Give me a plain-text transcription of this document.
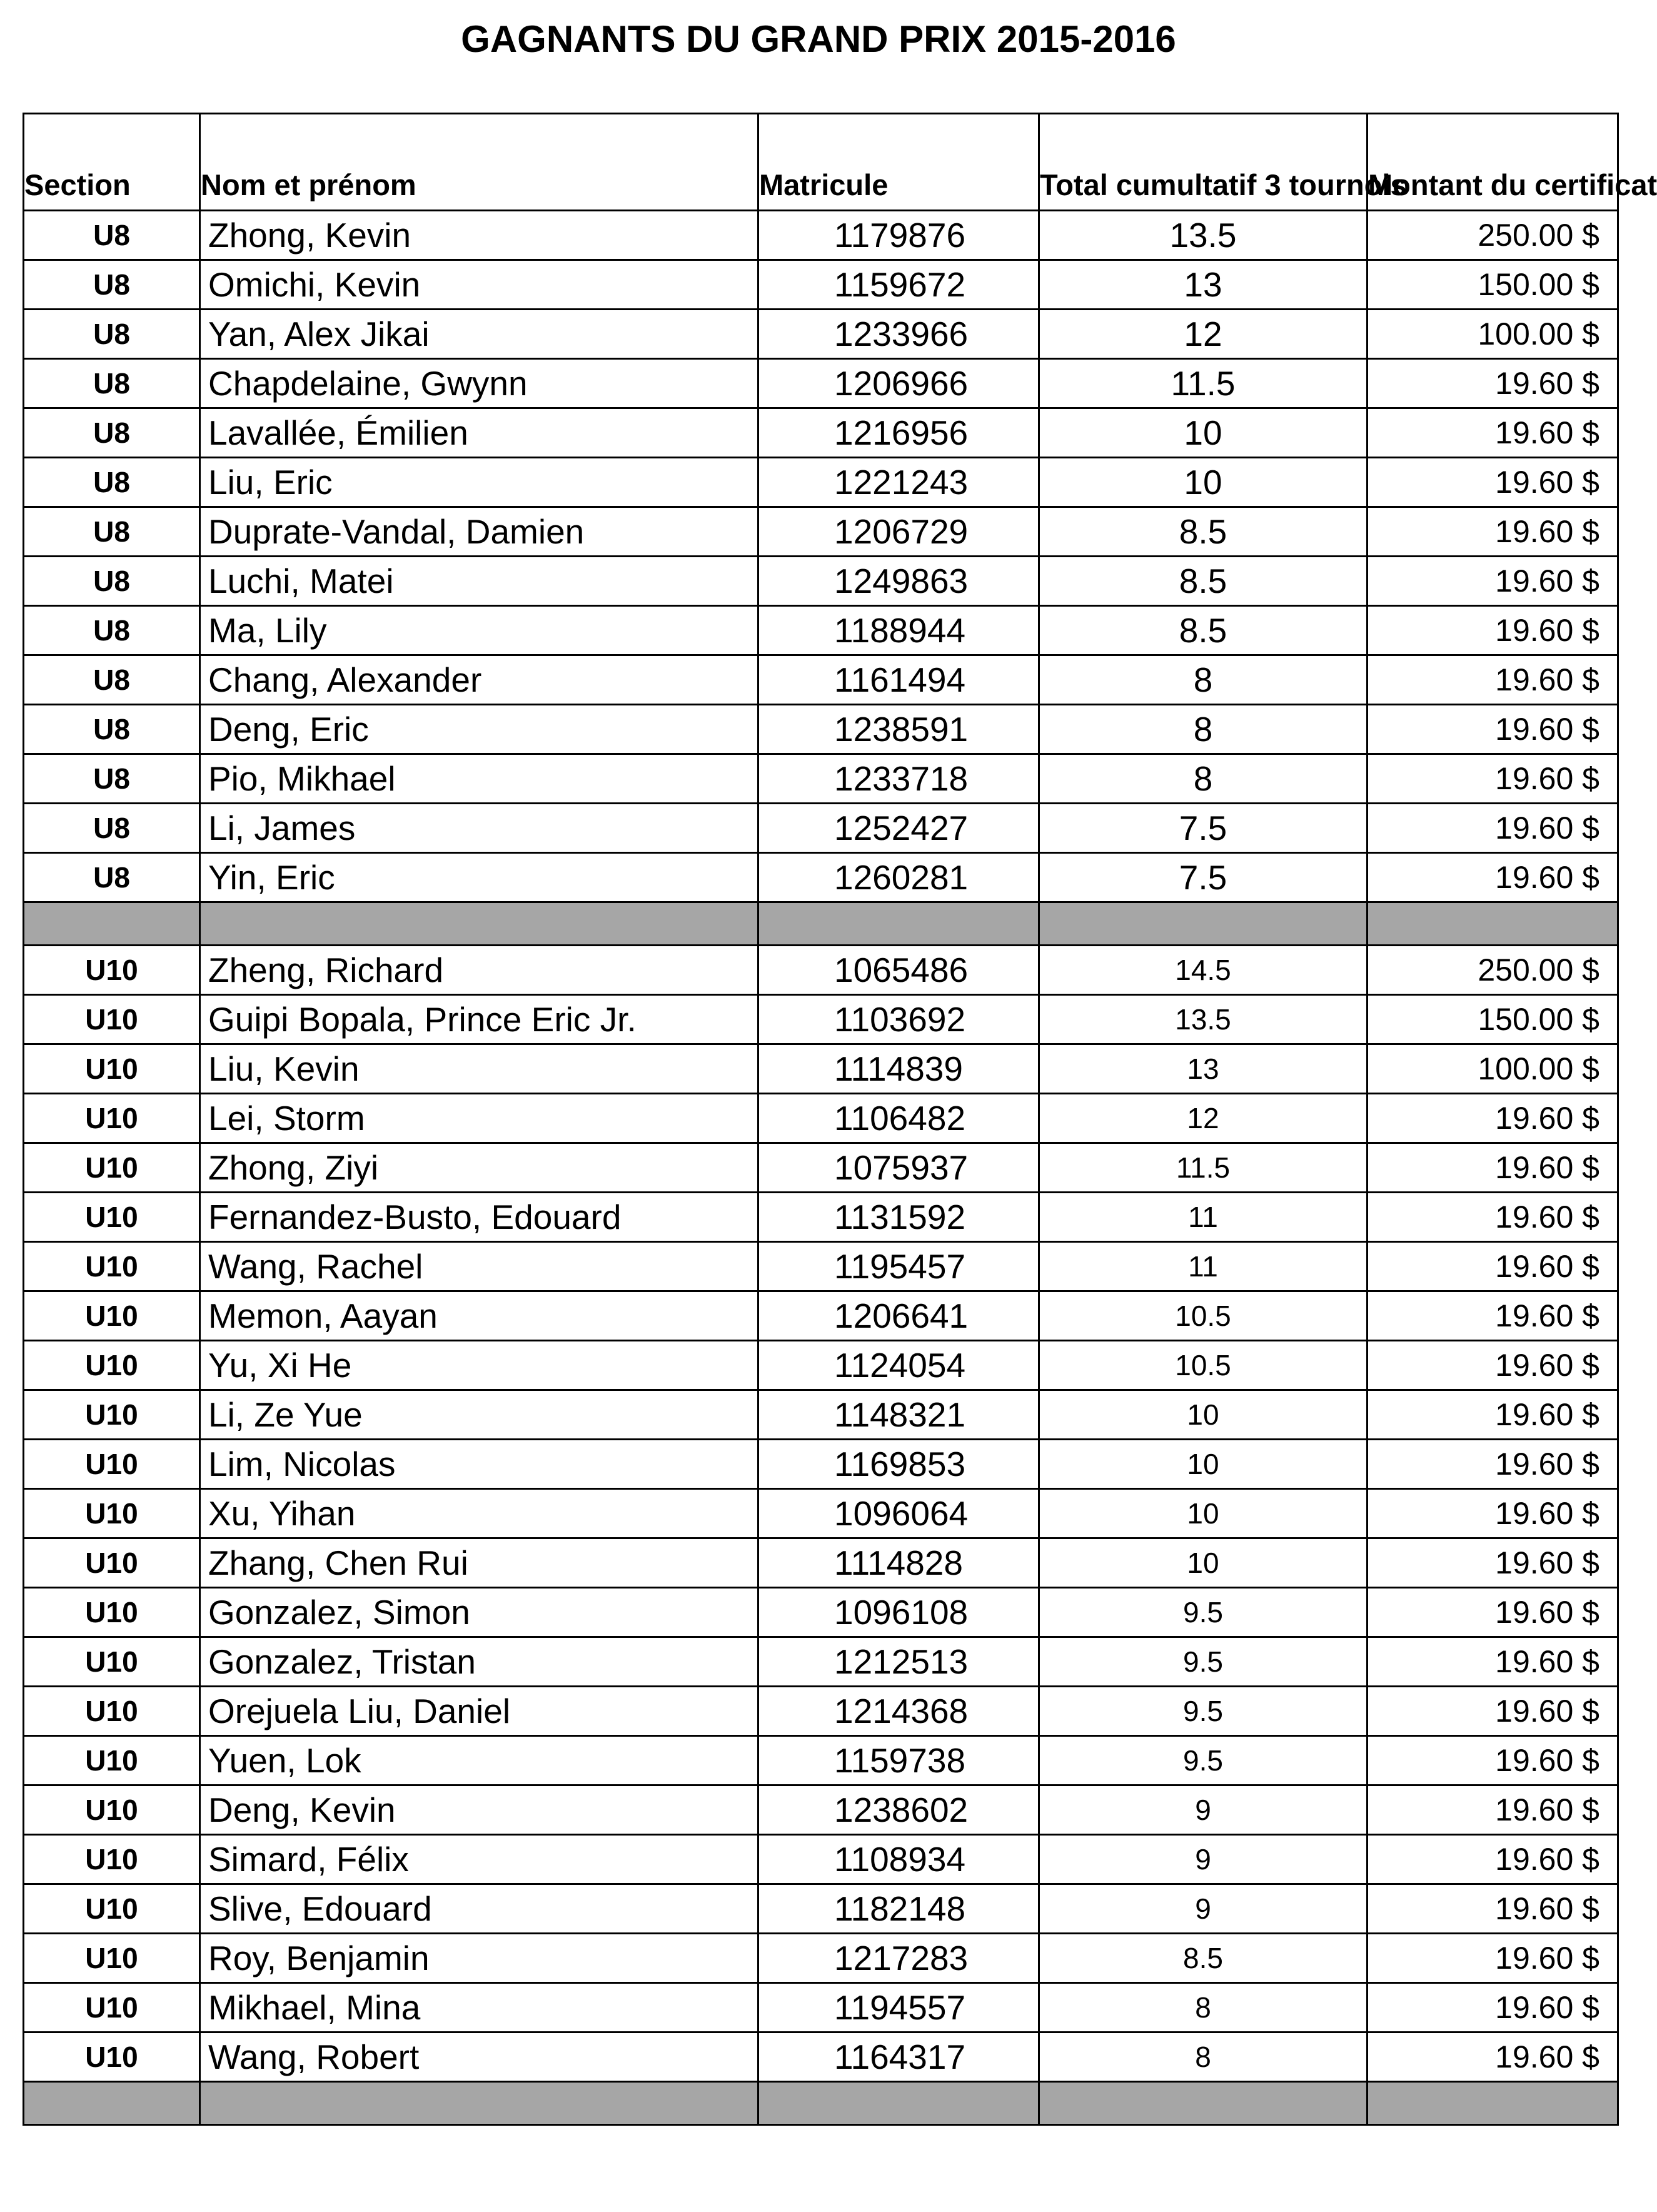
GAGNANTS DU GRAND PRIX 2015-2016
Section	Nom et prénom	Matricule	Total cumultatif 3 tournois	Montant du certificat
U8	Zhong, Kevin	1179876	13.5	250.00 $
U8	Omichi, Kevin	1159672	13	150.00 $
U8	Yan, Alex Jikai	1233966	12	100.00 $
U8	Chapdelaine, Gwynn	1206966	11.5	19.60 $
U8	Lavallée, Émilien	1216956	10	19.60 $
U8	Liu, Eric	1221243	10	19.60 $
U8	Duprate-Vandal, Damien	1206729	8.5	19.60 $
U8	Luchi, Matei	1249863	8.5	19.60 $
U8	Ma, Lily	1188944	8.5	19.60 $
U8	Chang, Alexander	1161494	8	19.60 $
U8	Deng, Eric	1238591	8	19.60 $
U8	Pio, Mikhael	1233718	8	19.60 $
U8	Li, James	1252427	7.5	19.60 $
U8	Yin, Eric	1260281	7.5	19.60 $

U10	Zheng, Richard	1065486	14.5	250.00 $
U10	Guipi Bopala, Prince Eric Jr.	1103692	13.5	150.00 $
U10	Liu, Kevin	1114839	13	100.00 $
U10	Lei, Storm	1106482	12	19.60 $
U10	Zhong, Ziyi	1075937	11.5	19.60 $
U10	Fernandez-Busto, Edouard	1131592	11	19.60 $
U10	Wang, Rachel	1195457	11	19.60 $
U10	Memon, Aayan	1206641	10.5	19.60 $
U10	Yu, Xi He	1124054	10.5	19.60 $
U10	Li, Ze Yue	1148321	10	19.60 $
U10	Lim, Nicolas	1169853	10	19.60 $
U10	Xu, Yihan	1096064	10	19.60 $
U10	Zhang, Chen Rui	1114828	10	19.60 $
U10	Gonzalez, Simon	1096108	9.5	19.60 $
U10	Gonzalez, Tristan	1212513	9.5	19.60 $
U10	Orejuela Liu, Daniel	1214368	9.5	19.60 $
U10	Yuen, Lok	1159738	9.5	19.60 $
U10	Deng, Kevin	1238602	9	19.60 $
U10	Simard, Félix	1108934	9	19.60 $
U10	Slive, Edouard	1182148	9	19.60 $
U10	Roy, Benjamin	1217283	8.5	19.60 $
U10	Mikhael, Mina	1194557	8	19.60 $
U10	Wang, Robert	1164317	8	19.60 $
